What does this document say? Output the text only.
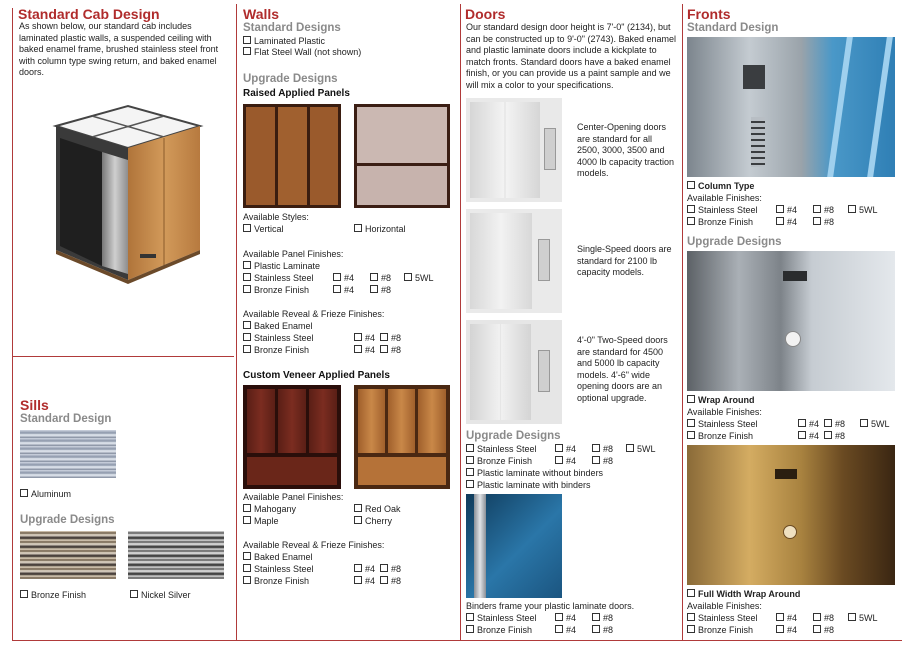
Standard Cab Design
As shown below, our standard cab includes laminated plastic walls, a suspended ceiling with baked enamel frame, brushed stainless steel front with column type swing return, and baked enamel doors.
Sills
Standard Design
Aluminum
Upgrade Designs
Bronze Finish	Nickel Silver
Walls
Standard Designs
Laminated Plastic
Flat Steel Wall (not shown)
Upgrade Designs
Raised Applied Panels
Available Styles:
Vertical	Horizontal
Available Panel Finishes:
Plastic Laminate
Stainless Steel	#4	#8	5WL
Bronze Finish	#4	#8
Available Reveal & Frieze Finishes:
Baked Enamel
Stainless Steel	#4	#8
Bronze Finish	#4	#8
Custom Veneer Applied Panels
Available Panel Finishes:
Mahogany	Red Oak
Maple	Cherry
Available Reveal & Frieze Finishes:
Baked Enamel
Stainless Steel	#4	#8
Bronze Finish	#4	#8
Doors
Our standard design door height is 7'-0" (2134), but can be constructed up to 9'-0" (2743). Baked enamel and plastic laminate doors include a kickplate to match fronts. Standard doors have a baked enamel finish, or you can provide us a paint sample and we will mix a color to your specifications.
Center-Opening doors are standard for all 2500, 3000, 3500 and 4000 lb capacity traction models.
Single-Speed doors are standard for 2100 lb capacity models.
4'-0" Two-Speed doors are standard for 4500 and 5000 lb capacity models. 4'-6" wide opening doors are an optional upgrade.
Upgrade Designs
Stainless Steel	#4	#8	5WL
Bronze Finish	#4	#8
Plastic laminate without binders
Plastic laminate with binders
Binders frame your plastic laminate doors.
Stainless Steel	#4	#8
Bronze Finish	#4	#8
Fronts
Standard Design
Column Type
Available Finishes:
Stainless Steel	#4	#8	5WL
Bronze Finish	#4	#8
Upgrade Designs
Wrap Around
Available Finishes:
Stainless Steel	#4	#8	5WL
Bronze Finish	#4	#8
Full Width Wrap Around
Available Finishes:
Stainless Steel	#4	#8	5WL
Bronze Finish	#4	#8
